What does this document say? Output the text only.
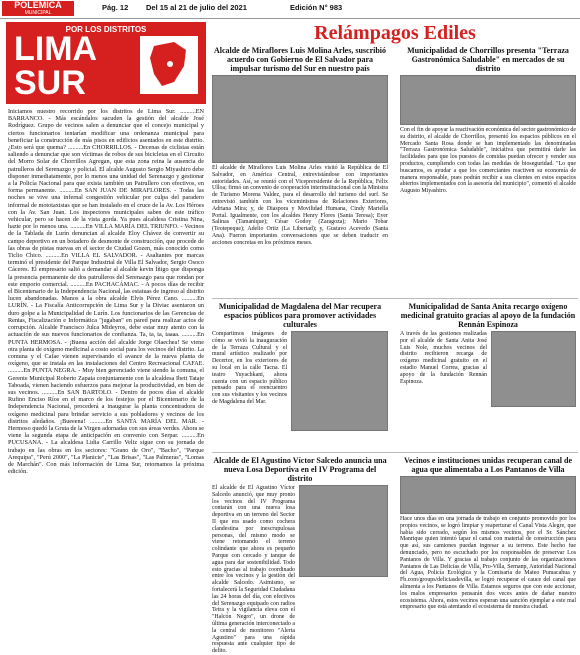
POLÉMICA
MUNICIPAL
Pág. 12 Del 15 al 21 de julio del 2021	Edición N° 983
Relámpagos Ediles
POR LOS DISTRITOS
LIMA SUR

Iniciamos nuestro recorrido por los distritos de Lima Sur. ..........EN BARRANCO. - Más escándalos sacuden la gestión del alcalde José Rodríguez. Grupo de vecinos salen a denunciar que el concejo municipal y ciertos funcionarios tentarían modificar una ordenanza municipal para beneficiar la construcción de más pisos en edificios asentados en este distrito. ¿Esto será que quema? ..........En CHORRILLOS. - Decenas de ciclistas están saliendo a denunciar que son víctimas de robos de sus bicicletas en el Circuito del Morro Solar de Chorrillos Agregan, que esta zona reina la ausencia de patrulleros del Serenazgo y policial. El alcalde Augusto Sergio Miyashiro debe disponer inmediatamente, por lo menos una unidad del Serenazgo y gestionar a la Policía Nacional para que exista también un Patrullero con efectivos, en forma permanente. ..........En SAN JUAN DE MIRAFLORES. - Todas las noches se vive una infernal congestión vehicular por culpa del paradero informal de mototaxistas que se han instalado en el cruce de la Av. Los Héroes con la Av. San Juan. Los inspectores municipales saben de este tráfico vehicular, pero se hacen de la vista gorda. Ya pues alcaldesa Cristina Nina, hazte por lo menos una. ..........En VILLA MARÍA DEL TRIUNFO. - Vecinos de la Tablada de Lurín denuncian al alcalde Eloy Chávez de convertir su campo deportivo en un botadero de desmonte de construcción, que procede de las obras de pistas nuevas en el sector de Ciudad Gozen, más conocido como Ticlio Chico. ..........En VILLA EL SALVADOR. - Asaltantes por marcas terminó el presidente del Parque Industrial de Villa El Salvador, Sergio Osoco Cáceres. El empresario salió a demandar al alcalde kevin Íñigo que disponga la presencia permanente de dos patrulleros del Serenazgo para que rondan por este emporio comercial. ..........En PACHACÁMAC. - A pocos días de recibir el Bicentenario de la Independencia Nacional, las estatuas de ingreso al distrito lucen abandonadas. Manos a la obra alcalde Elvis Pérez Cano. ..........En LURÍN. - La Fiscalía Anticorrupción de Lima Sur y la Diviac asentaron un duro golpe a la Municipalidad de Lurín. Los funcionarios de las Gerencias de Rentas, Fiscalización e Informática "jugaban" en pared para realizar actos de corrupción. Alcalde Francisco Julca Mideyros, debe estar muy atento con la actuación de sus nuevos funcionarios de confianza. Ta, ta, ta, taaaa. ..........En PUNTA HERMOSA. - ¡Buena acción del alcalde Jorge Olaechea! Se viene otra planta de oxígeno medicinal a costo social para los vecinos del distrito. La comuna y el Cafae vienen supervisando el avance de la nueva planta de oxígeno, que se instala en las instalaciones del Centro Recreacional CAFAE. ..........En PUNTA NEGRA. - Muy bien gerenciado viene siendo la comuna, el Gerente Municipal Roberto Zapata conjuntamente con la alcaldesa Ibett Tataje Taboada, vienen haciendo esfuerzos para mejorar la productividad, en bien de sus vecinos. ..........En SAN BARTOLO. - Dentro de pocos días el alcalde Rufino Enciso Ríos en el marco de los festejos por el Bicentenario de la Independencia Nacional, procederá a inaugurar la planta concentradora de oxígeno medicinal para brindar servicio a sus pobladores y vecinos de los distritos aledaños. ¡Bueeena! ..........En SANTA MARÍA DEL MAR. - Hermoso quedó la Gruta de la Virgen adornadas con sus áreas verdes. Ahora se viene la segunda etapa de anticipación en convenio con Serpar. ..........En PUCUSANA. - La alcaldesa Lidia Carrillo Veliz sigue con su jornada de trabajo en las obras en los sectores: "Grano de Oro", "Bacho", "Parque Arequipa", "Perú 2000", "La Planicie", "Las Brisas", "Las Palmeras", "Lomas de Marchán". Con más información de Lima Sur, retornamos la próxima edición.

Alcalde de Miraflores Luis Molina Arles, suscribió acuerdo con Gobierno de El Salvador para impulsar turismo del Sur en nuestro país
El alcalde de Miraflores Luis Molina Arles visitó la República de El Salvador, en América Central, entrevistándose con importantes autoridades. Así, se reunió con el Viceprersidente de la República, Félix Ulloa; firmó un convenio de cooperación interinstitucional con la Ministra de Turismo Morena Valdez, para el desarrollo del turismo del surf. Se entrevistó también con los viceministras de Relaciones Exteriores, Adriana Mira; y, de Diaspora y Movilidad Humana, Cindy Mariella Portal. Igualmente, con los alcaldes Henry Flores (Santa Teresa); Ever Salinas (Tamanique); César Godoy (Zaragoza); Mario Tobar (Teotepeque); Adelio Ortiz (La Libertad); y, Gustavo Acevedo (Santa Ana). Fueron importantes conversaciones que se deben traducir en acciones concretas en los próximos meses.
Municipalidad de Chorrillos presenta "Terraza Gastronómica Saludable" en mercados de su distrito
Con el fin de apoyar la reactivación económica del sector gastronómico de su distrito, el alcalde de Chorrillos, presentó los espacios públicos en el Mercado Santa Rosa donde se han implementado las denominadas "Terraza Gastronómica Saludable", iniciativa que permitirá darle las facilidades para que los puestos de comidas puedan ofrecer y vender sus productos, cumpliendo con todas las medidas de bioseguridad. "Lo que buscamos, es ayudar a que los comerciantes reactiven su economía de manera responsable, pues podrán recibir a sus clientes en estos espacios abiertos implementados con la asesoría del municipio", comentó el alcalde Augusto Miyashiro.
Municipalidad de Magdalena del Mar recupera espacios públicos para promover actividades culturales
Compartimos imágenes de cómo se vivió la inauguración de la Terraza Cultural y el mural artístico realizado por Decertor, en los exteriores de su local en la calle Tacna. El teatro Yuyachkani, ahora cuenta con un espacio público pensado para el reencuentro con sus visitantes y los vecinos de Magdalena del Mar.
Municipalidad de Santa Anita recargo oxígeno medicinal gratuito gracias al apoyo de la fundación Rennán Espinoza
A través de las gestiones realizadas por el alcalde de Santa Anita José Luis Nole, muchos vecinos del distrito recibieron recarga de oxígeno medicinal gratuito en el estadio Manuel Correa, gracias al apoyo de la fundación Rennán Espinoza.
Alcalde de El Agustino Víctor Salcedo anuncia una nueva Losa Deportiva en el IV Programa del distrito
El alcalde de El Agustino Víctor Salcedo anunció, que muy pronto los vecinos del IV Programa contarán con una nueva losa deportiva en un terreno del Sector II que era usado como cochera clandestina por inescrupulosas personas, del mismo modo se viene retomando el terreno colindante que ahora es pequeño Parque con cercado y tanque de agua para dar sostenibilidad. Todo esto gracias al trabajo coordinado entre los vecinos y la gestión del alcalde Salcedo. Asimismo, se fortalecerá la Seguridad Ciudadana las 24 horas del día, con efectivos del Serenazgo equipado con radios Tetra y la vigilancia eleva con el "Halcón Negro", un drone de última generación interconectado a la central de monitoreo "Alerta Agustino" para una rápida respuesta ante cualquier tipo de delito.
Vecinos e instituciones unidas recuperan canal de agua que alimentaba a Los Pantanos de Villa
Hace unos días en una jornada de trabajo en conjunto promovido por los propios vecinos, se logró limpiar y reaperturar el Canal Vista Alegre, que había sido cerrado, según los mismos vecinos, por el Sr. Sánchez Manrique quien intentó tapar el canal con material de construcción para que así, sus camiones puedan ingresar a su terreno. Este hecho fue denunciado, pero no escuchado por los responsables de preservar Los Pantanos de Villa. Y gracias al trabajo conjunto de las organizaciones Pantanos de Las Delicias de Villa, Pro-Villa, Sernanp, Autoridad Nacional del Agua, Policía Ecológica y la Comisaría de Mateo Pumacahua y Fb.com/groups/deliciasdevilla, se logró recuperar el cauce del canal que alimenta a los Pantanos de Villa. Estamos seguros que con este accionar, los malos empresarios pensarán dos veces antes de dañar nuestro ecosistema. Ahora, estos vecinos esperan una sanción ejemplar a este mal empresario que está atentando el ecosistema de nuestra ciudad.
